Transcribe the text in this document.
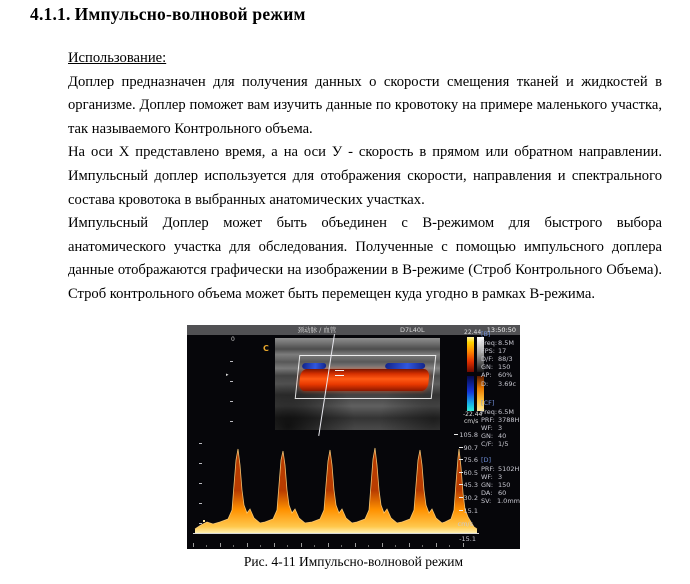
4.1.1. Импульсно-волновой режим

Использование:

Доплер предназначен для получения данных о скорости смещения тканей и жидкостей в организме. Доплер поможет вам изучить данные по кровотоку на примере маленького участка, так называемого Контрольного объема.

На оси X представлено время, а на оси У - скорость в прямом или обратном направлении. Импульсный доплер используется для отображения скорости, направления и спектрального состава кровотока в выбранных анатомических участках.

Импульсный Доплер может быть объединен с B-режимом для быстрого выбора анатомического участка для обследования. Полученные с помощью импульсного доплера данные отображаются графически на изображении в B-режиме (Строб Контрольного Объема). Строб контрольного объема может быть перемещен куда угодно в рамках B-режима.

颈动脉 / 血管	D7L40L	13:50:50
0
▸
C
22.44
-22.44
cm/s
[B]
Freq: 8.5M
FPS: 17
D/F: 88/3
GN: 150
AP: 60%
D:	3.69c
[CF]
Freq: 6.5M
PRF: 3788H
WF: 3
GN: 40
C/F: 1/5
[D]
PRF: 5102H
WF: 3
GN: 150
DA: 60
SV: 1.0mm
105.8
90.7
75.6
60.5
45.3
30.2
15.1
cm/s
-15.1
Рис. 4-11 Импульсно-волновой режим
